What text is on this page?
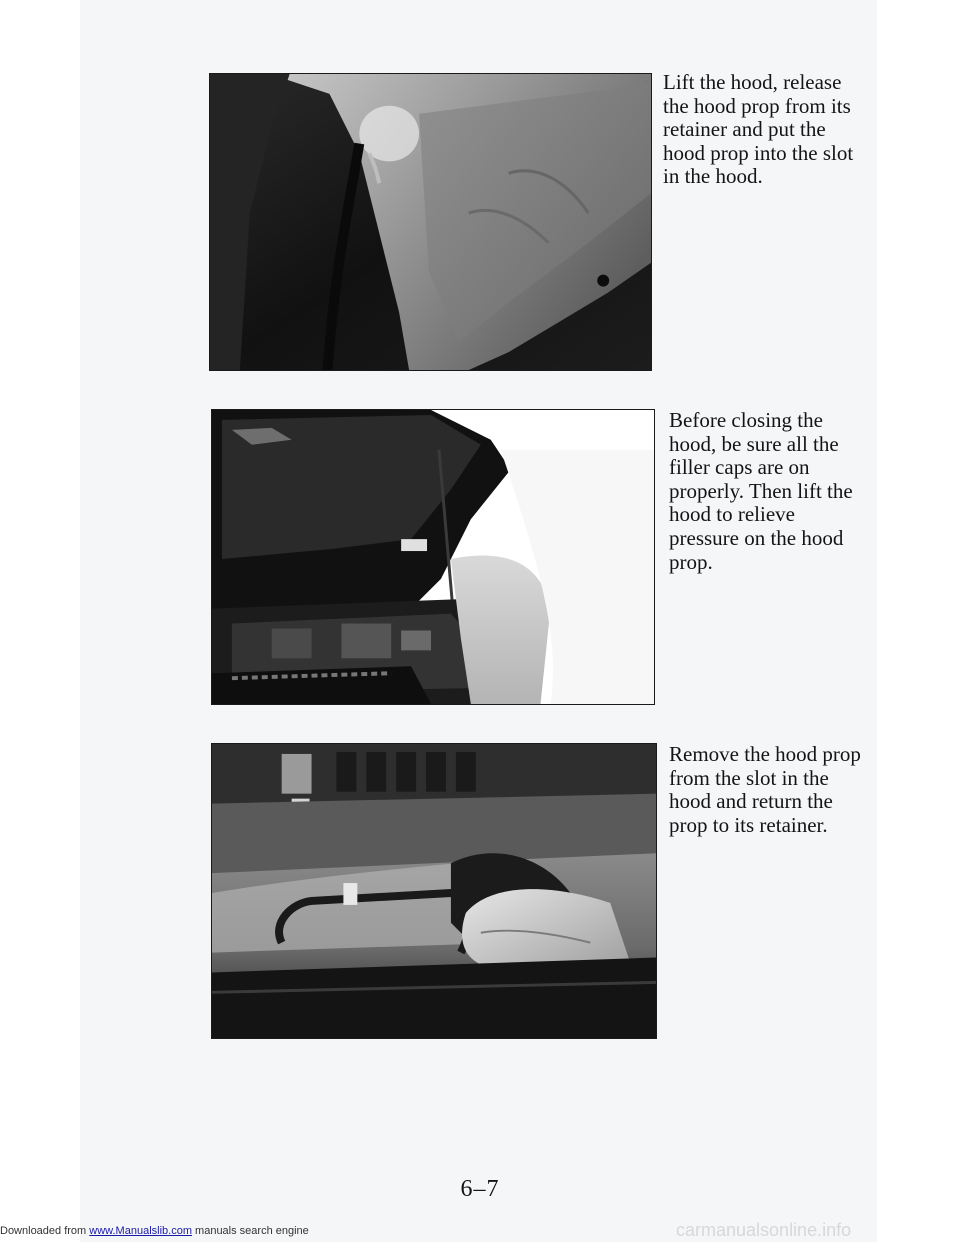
Lift the hood, release
the hood prop from its
retainer and put the
hood prop into the slot
in the hood.
Before closing the
hood, be sure all the
filler caps are on
properly. Then lift the
hood to relieve
pressure on the hood
prop.
Remove the hood prop
from the slot in the
hood and return the
prop to its retainer.
6–7
Downloaded from www.Manualslib.com manuals search engine	carmanualsonline.info
